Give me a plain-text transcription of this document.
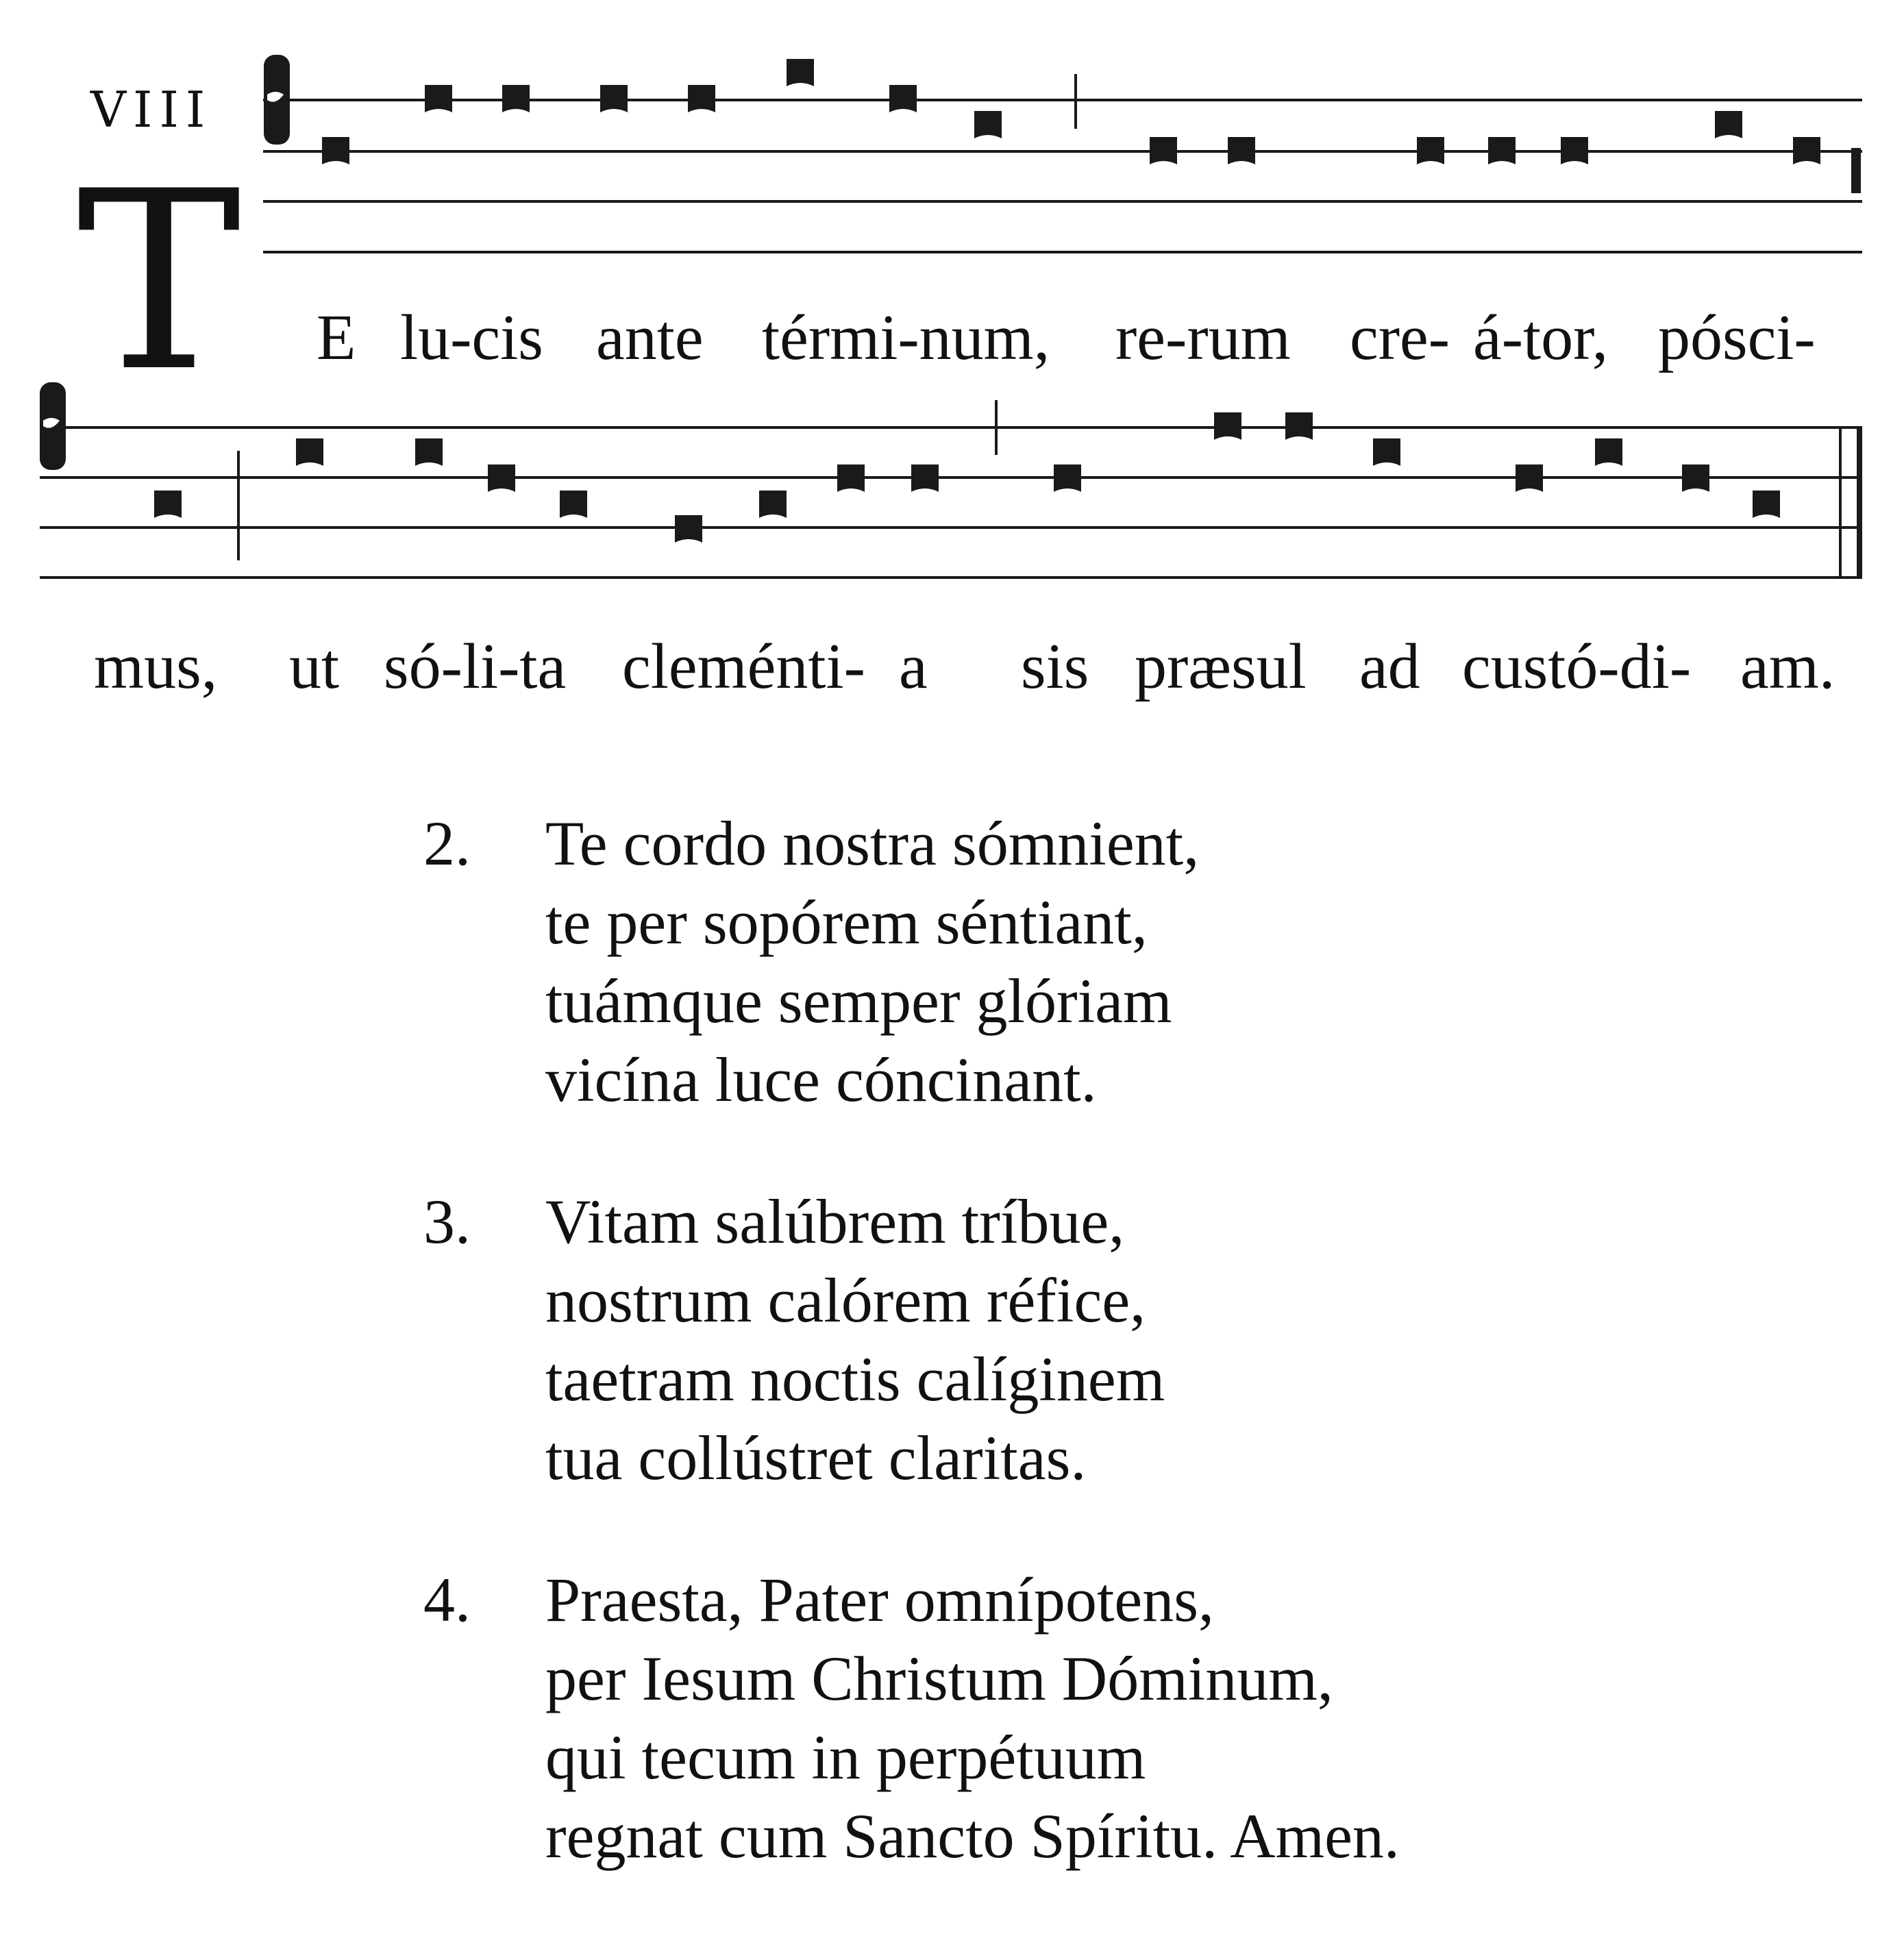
VIII
T E lu-cis ante térmi-num, re-rum cre- á-tor, pósci-
mus, ut só-li-ta cleménti- a sis præsul ad custó-di- am.
2. Te cordo nostra sómnient,
te per sopórem séntiant,
tuámque semper glóriam
vicína luce cóncinant.
3. Vitam salúbrem tríbue,
nostrum calórem réfice,
taetram noctis calíginem
tua collústret claritas.
4. Praesta, Pater omnípotens,
per Iesum Christum Dóminum,
qui tecum in perpétuum
regnat cum Sancto Spíritu. Amen.
